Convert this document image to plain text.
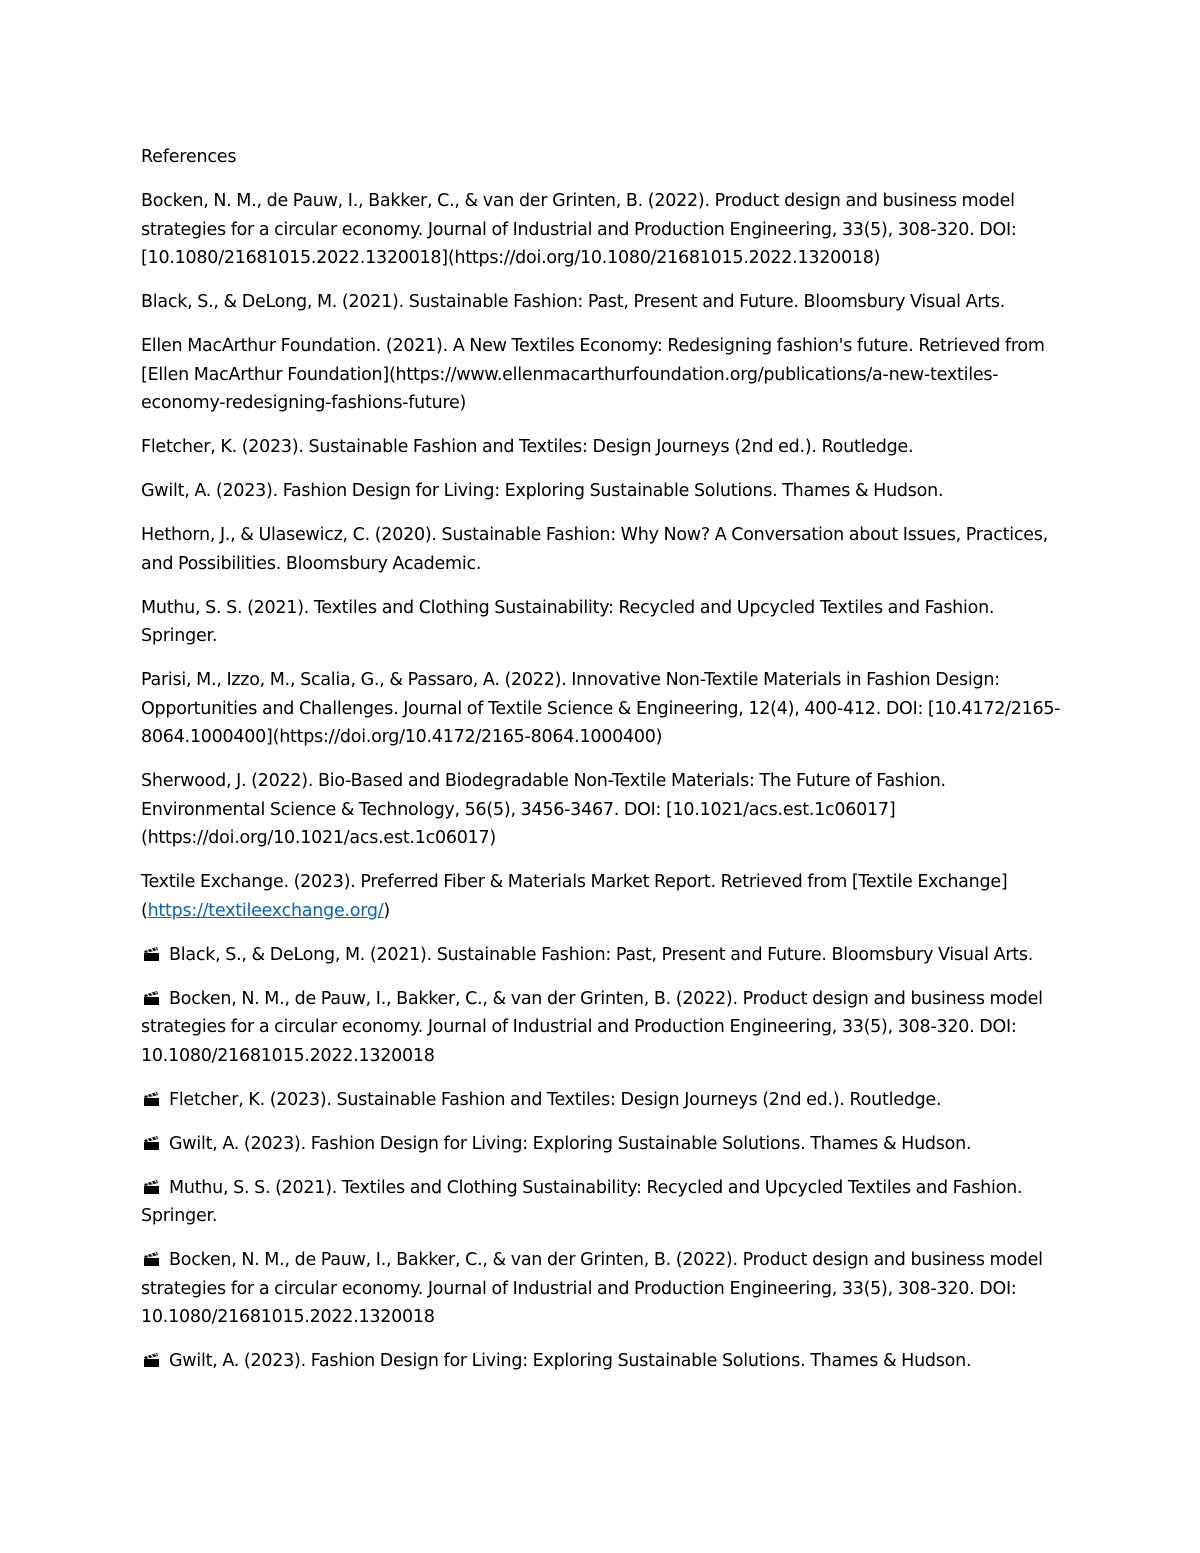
References

Bocken, N. M., de Pauw, I., Bakker, C., & van der Grinten, B. (2022). Product design and business model strategies for a circular economy. Journal of Industrial and Production Engineering, 33(5), 308-320. DOI: [10.1080/21681015.2022.1320018](https://doi.org/10.1080/21681015.2022.1320018)

Black, S., & DeLong, M. (2021). Sustainable Fashion: Past, Present and Future. Bloomsbury Visual Arts.

Ellen MacArthur Foundation. (2021). A New Textiles Economy: Redesigning fashion's future. Retrieved from [Ellen MacArthur Foundation](https://www.ellenmacarthurfoundation.org/publications/a-new-textiles-economy-redesigning-fashions-future)

Fletcher, K. (2023). Sustainable Fashion and Textiles: Design Journeys (2nd ed.). Routledge.

Gwilt, A. (2023). Fashion Design for Living: Exploring Sustainable Solutions. Thames & Hudson.

Hethorn, J., & Ulasewicz, C. (2020). Sustainable Fashion: Why Now? A Conversation about Issues, Practices, and Possibilities. Bloomsbury Academic.

Muthu, S. S. (2021). Textiles and Clothing Sustainability: Recycled and Upcycled Textiles and Fashion. Springer.

Parisi, M., Izzo, M., Scalia, G., & Passaro, A. (2022). Innovative Non-Textile Materials in Fashion Design: Opportunities and Challenges. Journal of Textile Science & Engineering, 12(4), 400-412. DOI: [10.4172/2165-8064.1000400](https://doi.org/10.4172/2165-8064.1000400)

Sherwood, J. (2022). Bio-Based and Biodegradable Non-Textile Materials: The Future of Fashion. Environmental Science & Technology, 56(5), 3456-3467. DOI: [10.1021/acs.est.1c06017](https://doi.org/10.1021/acs.est.1c06017)

Textile Exchange. (2023). Preferred Fiber & Materials Market Report. Retrieved from [Textile Exchange] (https://textileexchange.org/)

Black, S., & DeLong, M. (2021). Sustainable Fashion: Past, Present and Future. Bloomsbury Visual Arts.

Bocken, N. M., de Pauw, I., Bakker, C., & van der Grinten, B. (2022). Product design and business model strategies for a circular economy. Journal of Industrial and Production Engineering, 33(5), 308-320. DOI: 10.1080/21681015.2022.1320018

Fletcher, K. (2023). Sustainable Fashion and Textiles: Design Journeys (2nd ed.). Routledge.

Gwilt, A. (2023). Fashion Design for Living: Exploring Sustainable Solutions. Thames & Hudson.

Muthu, S. S. (2021). Textiles and Clothing Sustainability: Recycled and Upcycled Textiles and Fashion. Springer.

Bocken, N. M., de Pauw, I., Bakker, C., & van der Grinten, B. (2022). Product design and business model strategies for a circular economy. Journal of Industrial and Production Engineering, 33(5), 308-320. DOI: 10.1080/21681015.2022.1320018

Gwilt, A. (2023). Fashion Design for Living: Exploring Sustainable Solutions. Thames & Hudson.
